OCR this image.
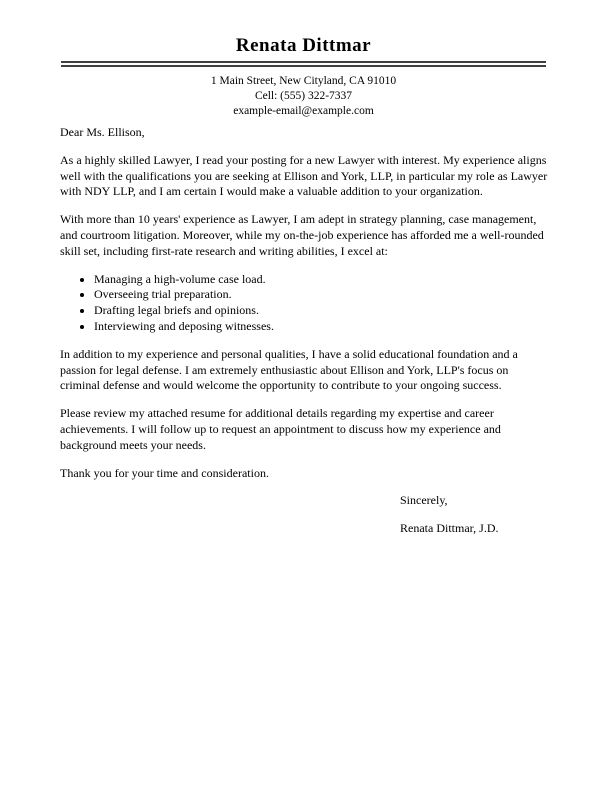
Renata Dittmar
1 Main Street, New Cityland, CA 91010
Cell: (555) 322-7337
example-email@example.com

Dear Ms. Ellison,

As a highly skilled Lawyer, I read your posting for a new Lawyer with interest. My experience aligns well with the qualifications you are seeking at Ellison and York, LLP, in particular my role as Lawyer with NDY LLP, and I am certain I would make a valuable addition to your organization.

With more than 10 years' experience as Lawyer, I am adept in strategy planning, case management, and courtroom litigation. Moreover, while my on-the-job experience has afforded me a well-rounded skill set, including first-rate research and writing abilities, I excel at:

• Managing a high-volume case load.
• Overseeing trial preparation.
• Drafting legal briefs and opinions.
• Interviewing and deposing witnesses.

In addition to my experience and personal qualities, I have a solid educational foundation and a passion for legal defense. I am extremely enthusiastic about Ellison and York, LLP's focus on criminal defense and would welcome the opportunity to contribute to your ongoing success.

Please review my attached resume for additional details regarding my expertise and career achievements. I will follow up to request an appointment to discuss how my experience and background meets your needs.

Thank you for your time and consideration.

Sincerely,

Renata Dittmar, J.D.
